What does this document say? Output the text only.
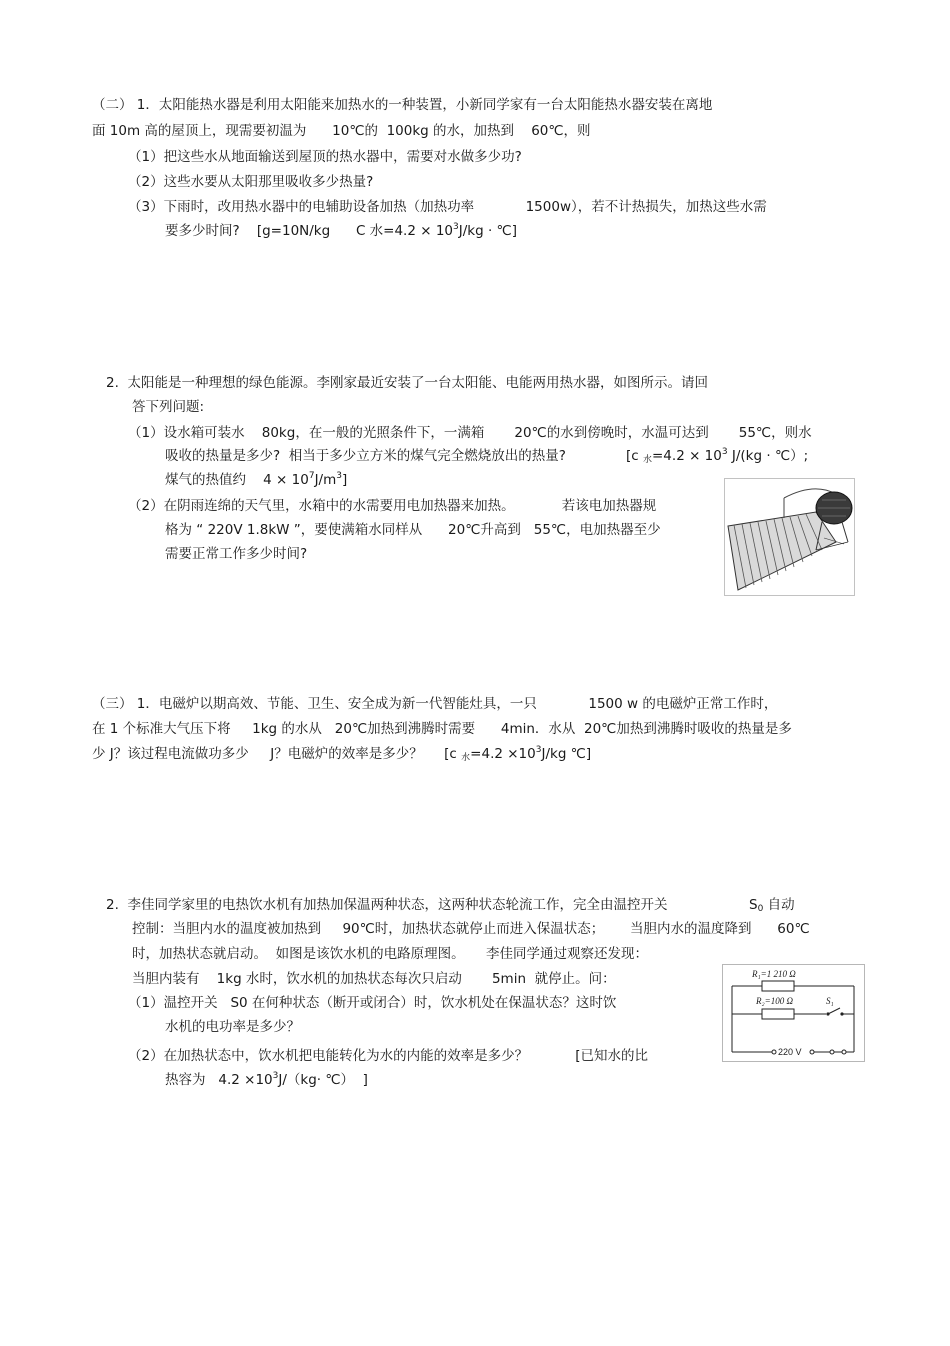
（二） 1．太阳能热水器是利用太阳能来加热水的一种装置，小新同学家有一台太阳能热水器安装在离地
面 10m 高的屋顶上，现需要初温为      10℃的  100kg 的水，加热到    60℃，则
（1）把这些水从地面输送到屋顶的热水器中，需要对水做多少功?
（2）这些水要从太阳那里吸收多少热量?
（3）下雨时，改用热水器中的电辅助设备加热（加热功率            1500w），若不计热损失，加热这些水需
要多少时间?    [g=10N/kg      C 水$=4.2 \times 10^3J/kg$ · ℃]
2.  太阳能是一种理想的绿色能源。李刚家最近安装了一台太阳能、电能两用热水器，如图所示。请回
答下列问题:
（1）设水箱可装水    80kg，在一般的光照条件下，一满箱       20℃的水到傍晚时，水温可达到       55℃，则水
吸收的热量是多少?  相当于多少立方米的煤气完全燃烧放出的热量?              [c $_水=4.2 \times 10^3$ J/(kg · ℃）;
煤气的热值约    $4 \times 10^7J/m^3$]
（2）在阴雨连绵的天气里，水箱中的水需要用电加热器来加热。           若该电加热器规
格为 “ 220V 1.8kW ”，要使满箱水同样从      20℃升高到   55℃，电加热器至少
需要正常工作多少时间?
（三） 1．电磁炉以期高效、节能、卫生、安全成为新一代智能灶具，一只            1500 w 的电磁炉正常工作时，
在 1 个标准大气压下将     1kg 的水从   20℃加热到沸腾时需要      4min．水从  20℃加热到沸腾时吸收的热量是多
少 J？该过程电流做功多少     J？电磁炉的效率是多少？     [c $_水=4.2 \times 10^3J/kg$ ℃]
2.  李佳同学家里的电热饮水机有加热加保温两种状态，这两种状态轮流工作，完全由温控开关                   $S_0$ 自动
控制：当胆内水的温度被加热到     90℃时，加热状态就停止而进入保温状态；      当胆内水的温度降到      60℃
时，加热状态就启动。  如图是该饮水机的电路原理图。     李佳同学通过观察还发现：
当胆内装有    1kg 水时，饮水机的加热状态每次只启动       5min  就停止。问：
（1）温控开关   S0 在何种状态（断开或闭合）时，饮水机处在保温状态？这时饮
水机的电功率是多少？
（2）在加热状态中，饮水机把电能转化为水的内能的效率是多少？           [已知水的比
热容为   $4.2 \times 10^3J/(kg\cdot$ ℃）  ]
R₁=1 210 Ω
R₂=100 Ω	S₁
220 V
